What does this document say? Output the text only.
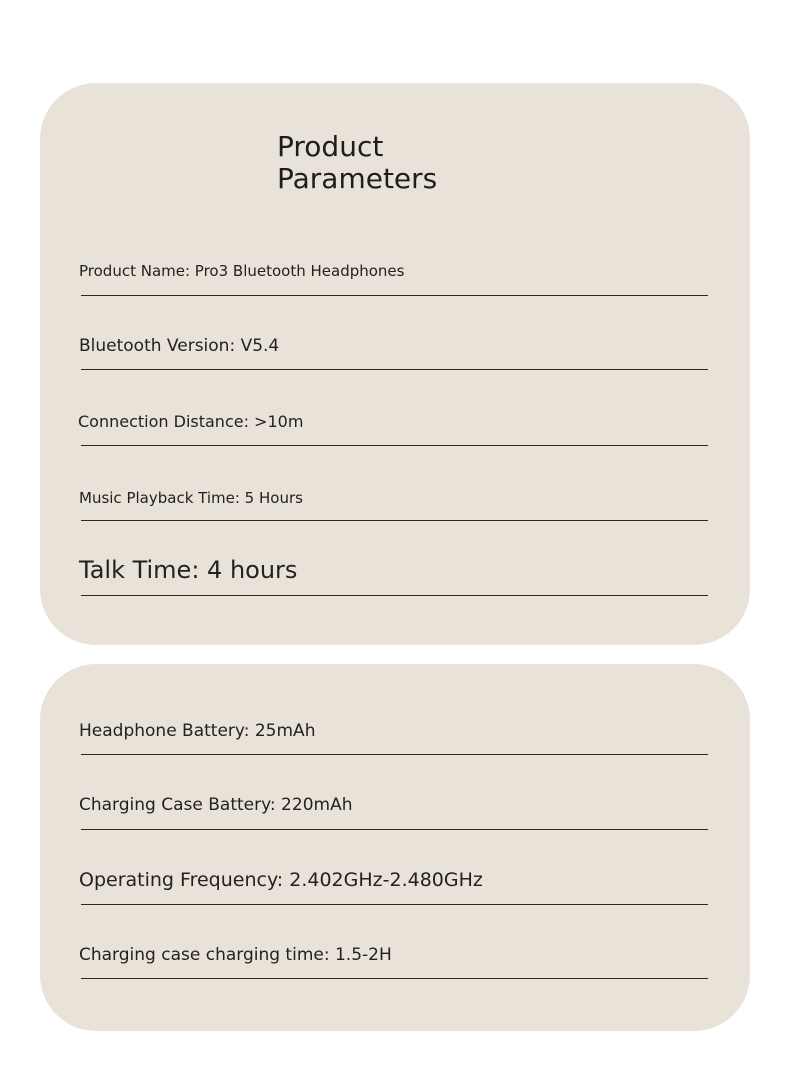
Product
Parameters
Product Name: Pro3 Bluetooth Headphones
Bluetooth Version: V5.4
Connection Distance: >10m
Music Playback Time: 5 Hours
Talk Time: 4 hours
Headphone Battery: 25mAh
Charging Case Battery: 220mAh
Operating Frequency: 2.402GHz-2.480GHz
Charging case charging time: 1.5-2H
